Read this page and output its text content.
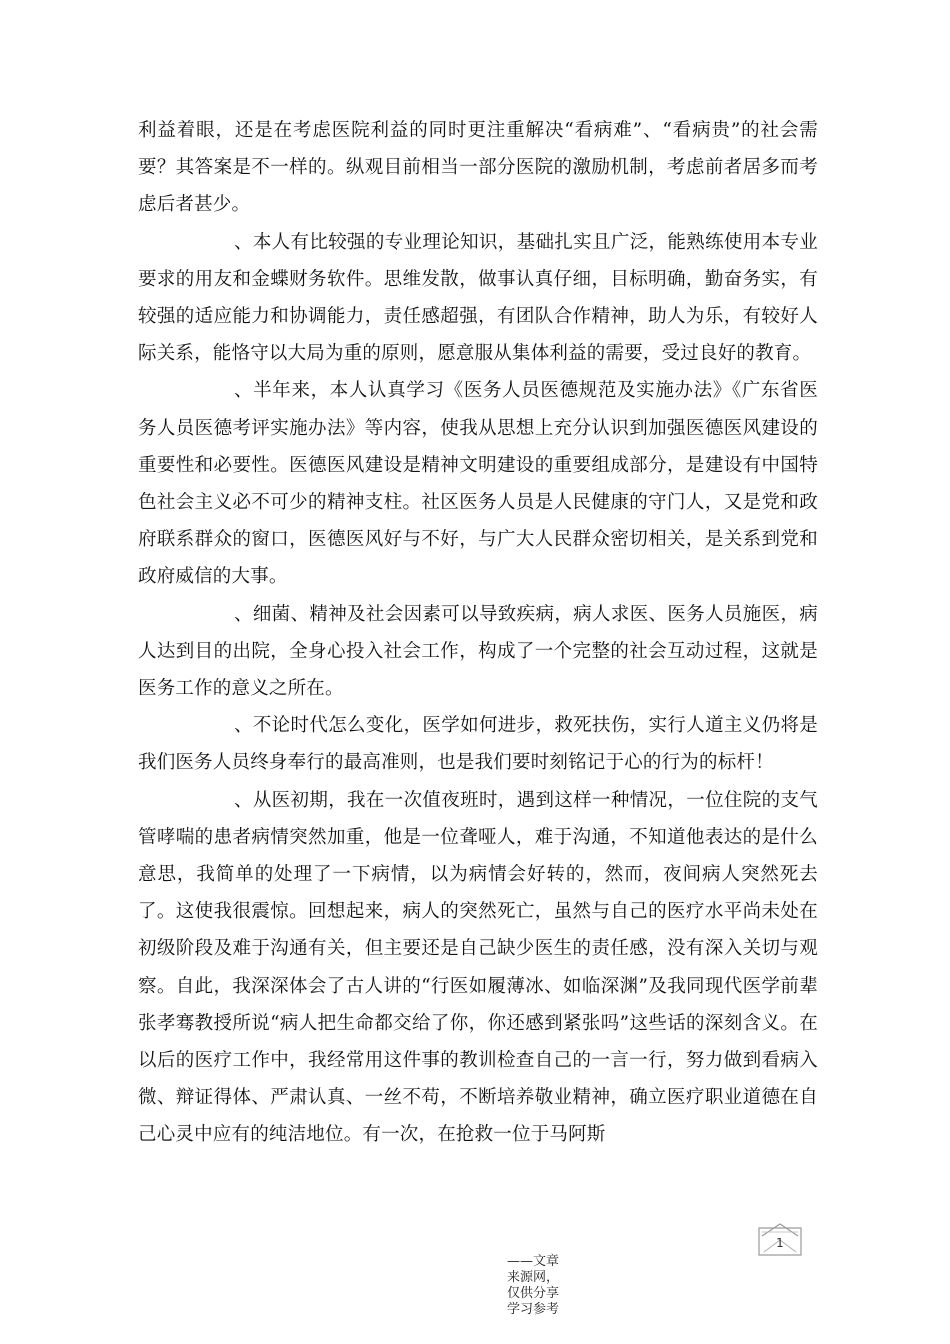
利益着眼，还是在考虑医院利益的同时更注重解决“看病难”、“看病贵”的社会需要？其答案是不一样的。纵观目前相当一部分医院的激励机制，考虑前者居多而考虑后者甚少。

、本人有比较强的专业理论知识，基础扎实且广泛，能熟练使用本专业要求的用友和金蝶财务软件。思维发散，做事认真仔细，目标明确，勤奋务实，有较强的适应能力和协调能力，责任感超强，有团队合作精神，助人为乐，有较好人际关系，能恪守以大局为重的原则，愿意服从集体利益的需要，受过良好的教育。

、半年来，本人认真学习《医务人员医德规范及实施办法》《广东省医务人员医德考评实施办法》等内容，使我从思想上充分认识到加强医德医风建设的重要性和必要性。医德医风建设是精神文明建设的重要组成部分，是建设有中国特色社会主义必不可少的精神支柱。社区医务人员是人民健康的守门人，又是党和政府联系群众的窗口，医德医风好与不好，与广大人民群众密切相关，是关系到党和政府威信的大事。

、细菌、精神及社会因素可以导致疾病，病人求医、医务人员施医，病人达到目的出院，全身心投入社会工作，构成了一个完整的社会互动过程，这就是医务工作的意义之所在。

、不论时代怎么变化，医学如何进步，救死扶伤，实行人道主义仍将是我们医务人员终身奉行的最高准则，也是我们要时刻铭记于心的行为的标杆！

、从医初期，我在一次值夜班时，遇到这样一种情况，一位住院的支气管哮喘的患者病情突然加重，他是一位聋哑人，难于沟通，不知道他表达的是什么意思，我简单的处理了一下病情，以为病情会好转的，然而，夜间病人突然死去了。这使我很震惊。回想起来，病人的突然死亡，虽然与自己的医疗水平尚未处在初级阶段及难于沟通有关，但主要还是自己缺少医生的责任感，没有深入关切与观察。自此，我深深体会了古人讲的“行医如履薄冰、如临深渊”及我同现代医学前辈张孝骞教授所说“病人把生命都交给了你，你还感到紧张吗”这些话的深刻含义。在以后的医疗工作中，我经常用这件事的教训检查自己的一言一行，努力做到看病入微、辩证得体、严肃认真、一丝不苟，不断培养敬业精神，确立医疗职业道德在自己心灵中应有的纯洁地位。有一次，在抢救一位于马阿斯

1
——文章来源网，仅供分享学习参考
